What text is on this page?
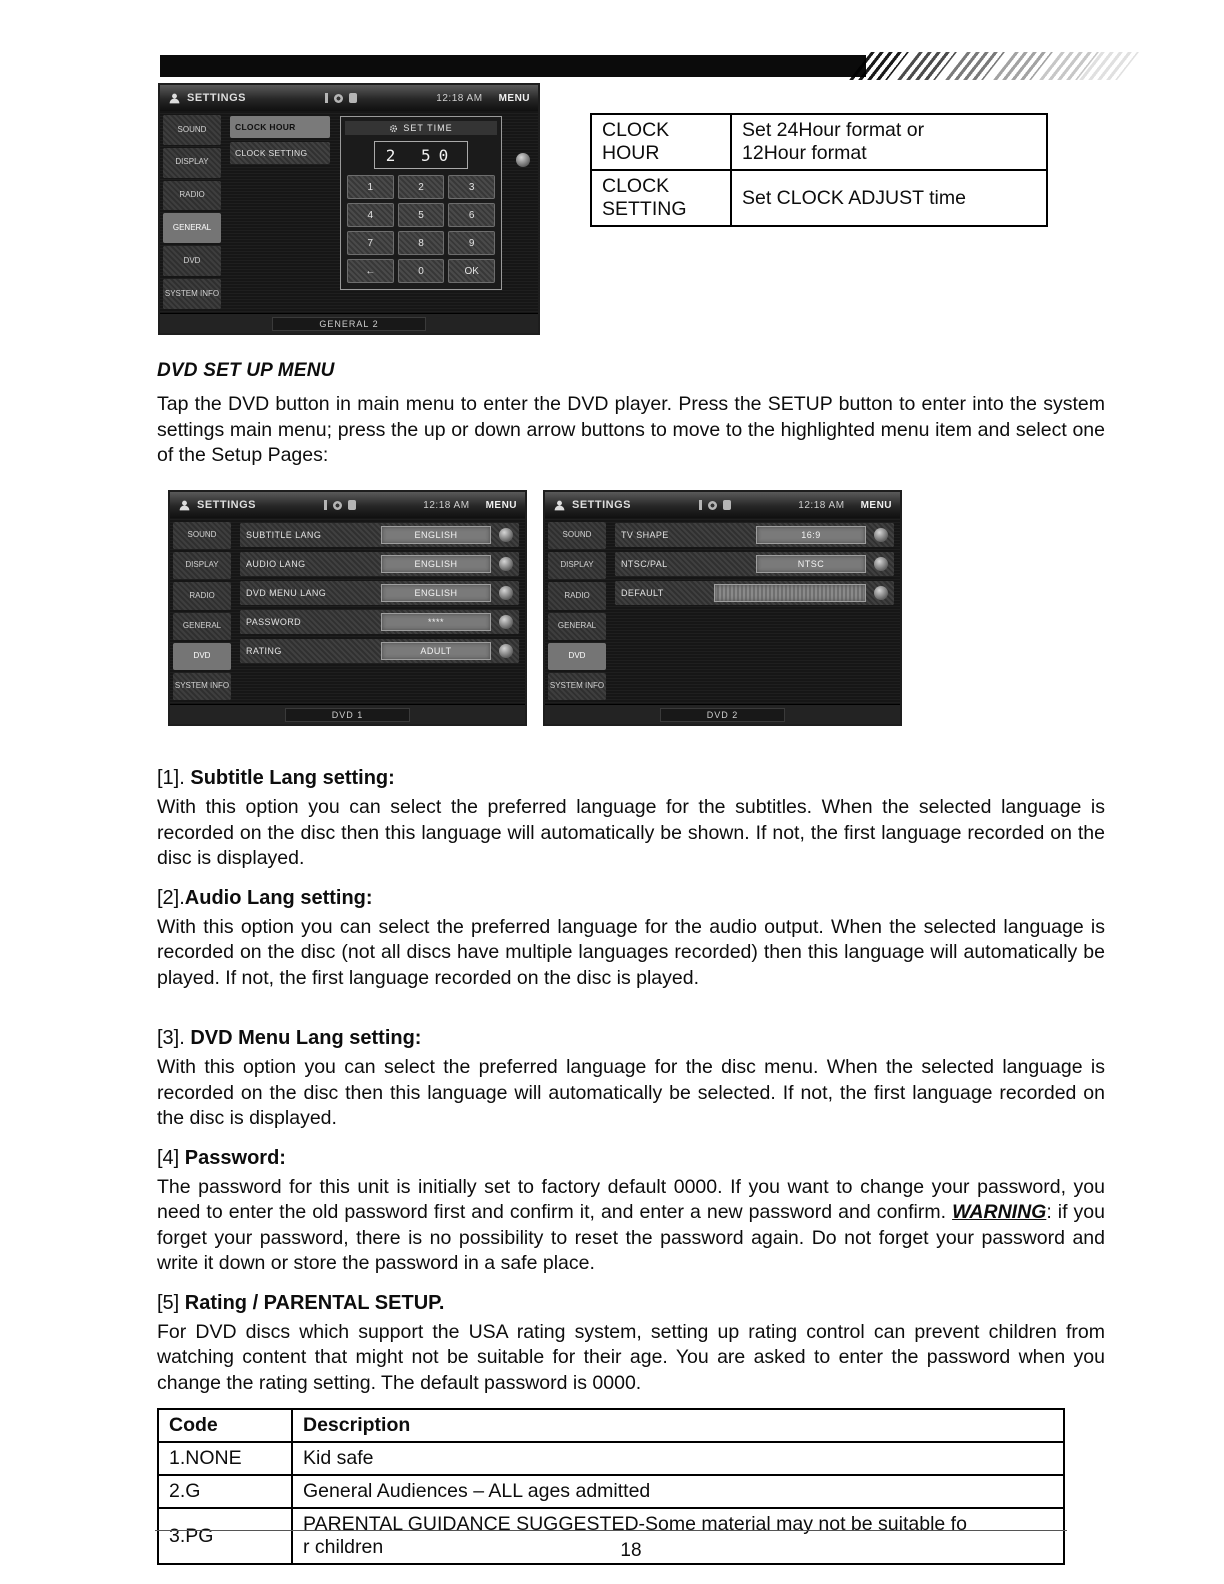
SETTINGS	12:18 AM MENU
SOUND
DISPLAY
RADIO
GENERAL
DVD
SYSTEM INFO
CLOCK HOUR
CLOCK SETTING
SET TIME
2 50
1	2	3
4	5	6
7	8	9
←	0	OK
GENERAL 2
CLOCK
HOUR	Set 24Hour format or
12Hour format

CLOCK
SETTING	Set CLOCK ADJUST time
DVD SET UP MENU

Tap the DVD button in main menu to enter the DVD player. Press the SETUP button to enter into the system settings main menu; press the up or down arrow buttons to move to the highlighted menu item and select one of the Setup Pages:

SETTINGS	12:18 AM MENU
SOUND
DISPLAY
RADIO
GENERAL
DVD
SYSTEM INFO
SUBTITLE LANG	ENGLISH
AUDIO LANG	ENGLISH
DVD MENU LANG	ENGLISH
PASSWORD	****
RATING	ADULT
DVD 1
SETTINGS	12:18 AM MENU
SOUND
DISPLAY
RADIO
GENERAL
DVD
SYSTEM INFO
TV SHAPE	16:9
NTSC/PAL	NTSC
DEFAULT
DVD 2
[1]. Subtitle Lang setting:

With this option you can select the preferred language for the subtitles. When the selected language is recorded on the disc then this language will automatically be shown. If not, the first language recorded on the disc is displayed.

[2].Audio Lang setting:

With this option you can select the preferred language for the audio output. When the selected language is recorded on the disc (not all discs have multiple languages recorded) then this language will automatically be played. If not, the first language recorded on the disc is played.

[3]. DVD Menu Lang setting:

With this option you can select the preferred language for the disc menu. When the selected language is recorded on the disc then this language will automatically be selected. If not, the first language recorded on the disc is displayed.

[4] Password:

The password for this unit is initially set to factory default 0000. If you want to change your password, you need to enter the old password first and confirm it, and enter a new password and confirm. WARNING: if you forget your password, there is no possibility to reset the password again. Do not forget your password and write it down or store the password in a safe place.

[5] Rating / PARENTAL SETUP.

For DVD discs which support the USA rating system, setting up rating control can prevent children from watching content that might not be suitable for their age. You are asked to enter the password when you change the rating setting. The default password is 0000.

Code	Description
1.NONE	Kid safe

2.G	General Audiences – ALL ages admitted

3.PG	PARENTAL GUIDANCE SUGGESTED-Some material may not be suitable fo
r children	18
